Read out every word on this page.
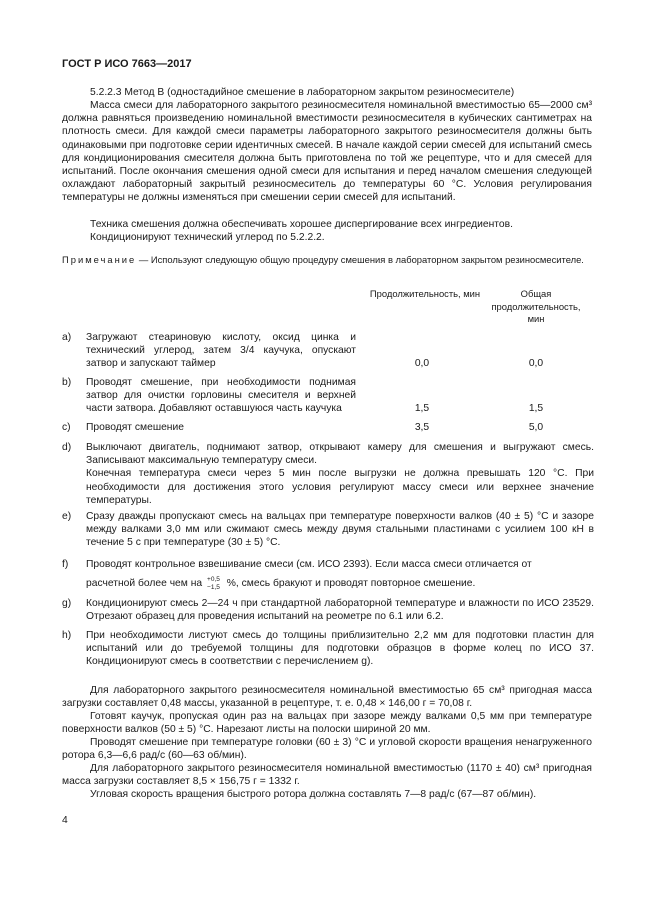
ГОСТ Р ИСО 7663—2017
5.2.2.3 Метод В (одностадийное смешение в лабораторном закрытом резиносмесителе)
Масса смеси для лабораторного закрытого резиносмесителя номинальной вместимостью 65—2000 см³ должна равняться произведению номинальной вместимости резиносмесителя в кубических сантиметрах на плотность смеси. Для каждой смеси параметры лабораторного закрытого резиносмесителя должны быть одинаковыми при подготовке серии идентичных смесей. В начале каждой серии смесей для испытаний смесь для кондиционирования смесителя должна быть приготовлена по той же рецептуре, что и для смесей для испытаний. После окончания смешения одной смеси для испытания и перед началом смешения следующей охлаждают лабораторный закрытый резиносмеситель до температуры 60 °С. Условия регулирования температуры не должны изменяться при смешении серии смесей для испытаний.
Техника смешения должна обеспечивать хорошее диспергирование всех ингредиентов.
Кондиционируют технический углерод по 5.2.2.2.
Примечание — Используют следующую общую процедуру смешения в лабораторном закрытом резиносмесителе.
Продолжительность, мин	Общая продолжительность, мин
a) Загружают стеариновую кислоту, оксид цинка и технический углерод, затем 3/4 каучука, опускают затвор и запускают таймер	0,0	0,0
b) Проводят смешение, при необходимости поднимая затвор для очистки горловины смесителя и верхней части затвора. Добавляют оставшуюся часть каучука	1,5	1,5
c) Проводят смешение	3,5	5,0
d) Выключают двигатель, поднимают затвор, открывают камеру для смешения и выгружают смесь. Записывают максимальную температуру смеси.
Конечная температура смеси через 5 мин после выгрузки не должна превышать 120 °С. При необходимости для достижения этого условия регулируют массу смеси или верхнее значение температуры.
e) Сразу дважды пропускают смесь на вальцах при температуре поверхности валков (40 ± 5) °С и зазоре между валками 3,0 мм или сжимают смесь между двумя стальными пластинами с усилием 100 кН в течение 5 с при температуре (30 ± 5) °С.
f) Проводят контрольное взвешивание смеси (см. ИСО 2393). Если масса смеси отличается от
расчетной более чем на +0,5
−1,5 %, смесь бракуют и проводят повторное смешение.
g) Кондиционируют смесь 2—24 ч при стандартной лабораторной температуре и влажности по ИСО 23529. Отрезают образец для проведения испытаний на реометре по 6.1 или 6.2.
h) При необходимости листуют смесь до толщины приблизительно 2,2 мм для подготовки пластин для испытаний или до требуемой толщины для подготовки образцов в форме колец по ИСО 37. Кондиционируют смесь в соответствии с перечислением g).
Для лабораторного закрытого резиносмесителя номинальной вместимостью 65 см³ пригодная масса загрузки составляет 0,48 массы, указанной в рецептуре, т. е. 0,48 × 146,00 г = 70,08 г.
Готовят каучук, пропуская один раз на вальцах при зазоре между валками 0,5 мм при температуре поверхности валков (50 ± 5) °С. Нарезают листы на полоски шириной 20 мм.
Проводят смешение при температуре головки (60 ± 3) °С и угловой скорости вращения ненагруженного ротора 6,3—6,6 рад/с (60—63 об/мин).
Для лабораторного закрытого резиносмесителя номинальной вместимостью (1170 ± 40) см³ пригодная масса загрузки составляет 8,5 × 156,75 г = 1332 г.
Угловая скорость вращения быстрого ротора должна составлять 7—8 рад/с (67—87 об/мин).
4
